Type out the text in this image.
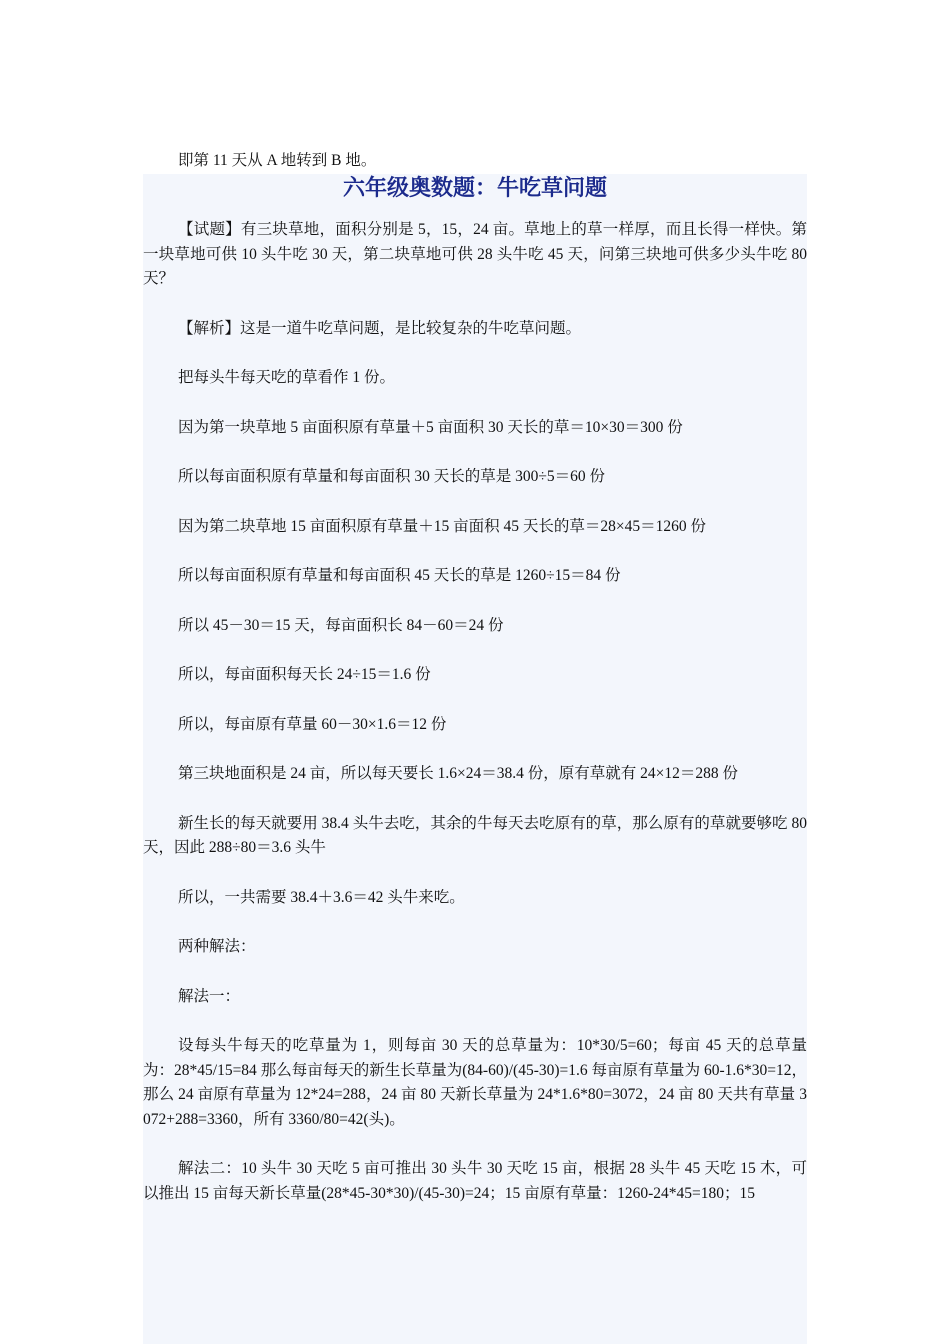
即第 11 天从 A 地转到 B 地。
六年级奥数题：牛吃草问题

【试题】有三块草地，面积分别是 5，15，24 亩。草地上的草一样厚，而且长得一样快。第一块草地可供 10 头牛吃 30 天，第二块草地可供 28 头牛吃 45 天，问第三块地可供多少头牛吃 80 天？

【解析】这是一道牛吃草问题，是比较复杂的牛吃草问题。

把每头牛每天吃的草看作 1 份。

因为第一块草地 5 亩面积原有草量＋5 亩面积 30 天长的草＝10×30＝300 份

所以每亩面积原有草量和每亩面积 30 天长的草是 300÷5＝60 份

因为第二块草地 15 亩面积原有草量＋15 亩面积 45 天长的草＝28×45＝1260 份

所以每亩面积原有草量和每亩面积 45 天长的草是 1260÷15＝84 份

所以 45－30＝15 天，每亩面积长 84－60＝24 份

所以，每亩面积每天长 24÷15＝1.6 份

所以，每亩原有草量 60－30×1.6＝12 份

第三块地面积是 24 亩，所以每天要长 1.6×24＝38.4 份，原有草就有 24×12＝288 份

新生长的每天就要用 38.4 头牛去吃，其余的牛每天去吃原有的草，那么原有的草就要够吃 80 天，因此 288÷80＝3.6 头牛

所以，一共需要 38.4＋3.6＝42 头牛来吃。

两种解法：

解法一：

设每头牛每天的吃草量为 1，则每亩 30 天的总草量为：10*30/5=60；每亩 45 天的总草量为：28*45/15=84 那么每亩每天的新生长草量为(84-60)/(45-30)=1.6 每亩原有草量为 60-1.6*30=12，那么 24 亩原有草量为 12*24=288，24 亩 80 天新长草量为 24*1.6*80=3072，24 亩 80 天共有草量 3072+288=3360，所有 3360/80=42(头)。

解法二：10 头牛 30 天吃 5 亩可推出 30 头牛 30 天吃 15 亩，根据 28 头牛 45 天吃 15 木，可以推出 15 亩每天新长草量(28*45-30*30)/(45-30)=24；15 亩原有草量：1260-24*45=180；15
